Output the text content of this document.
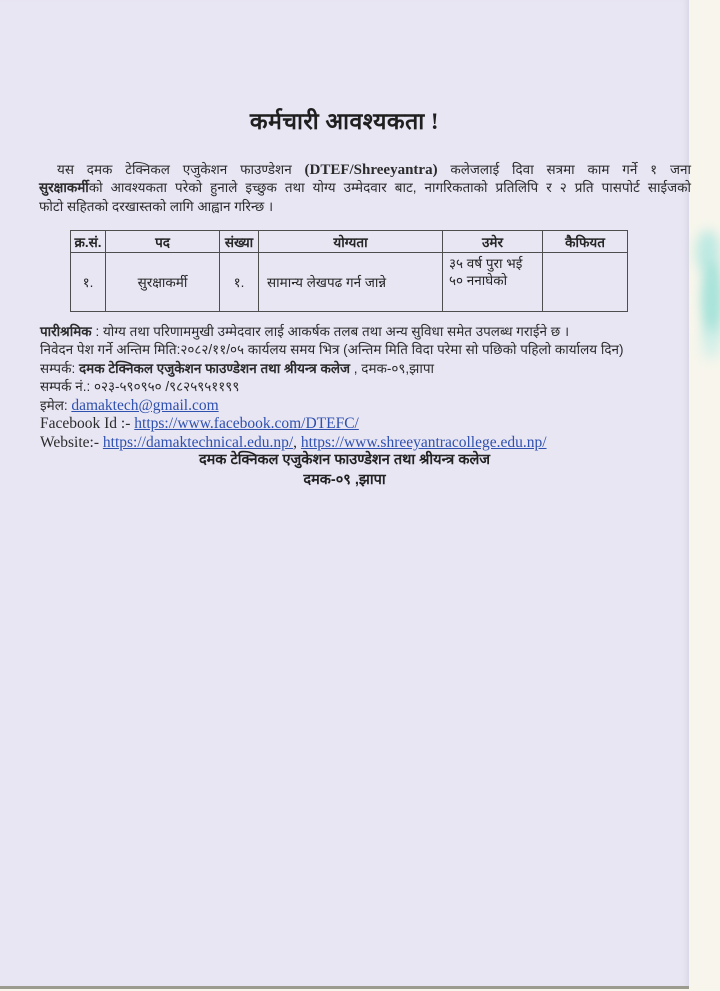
कर्मचारी आवश्यकता !
यस दमक टेक्निकल एजुकेशन फाउण्डेशन (DTEF/Shreeyantra) कलेजलाई दिवा सत्रमा काम गर्ने १ जना
सुरक्षाकर्मीको आवश्यकता परेको हुनाले इच्छुक तथा योग्य उम्मेदवार बाट, नागरिकताको प्रतिलिपि र २ प्रति पासपोर्ट साईजको
फोटो सहितको दरखास्तको लागि आह्वान गरिन्छ ।
क्र.सं.	पद	संख्या	योग्यता	उमेर	कैफियत
१.	सुरक्षाकर्मी	१.	सामान्य लेखपढ गर्न जान्ने	३५ वर्ष पुरा भई
५० ननाघेको	
पारीश्रमिक : योग्य तथा परिणाममुखी उम्मेदवार लाई आकर्षक तलब तथा अन्य सुविधा समेत उपलब्ध गराईने छ ।
निवेदन पेश गर्ने अन्तिम मिति:२०८२/११/०५ कार्यलय समय भित्र (अन्तिम मिति विदा परेमा सो पछिको पहिलो कार्यालय दिन)
सम्पर्क: दमक टेक्निकल एजुकेशन फाउण्डेशन तथा श्रीयन्त्र कलेज , दमक-०९,झापा
सम्पर्क नं.: ०२३-५९०९५० /९८२५९५११९९
इमेल: damaktech@gmail.com
Facebook Id :- https://www.facebook.com/DTEFC/
Website:- https://damaktechnical.edu.np/, https://www.shreeyantracollege.edu.np/
दमक टेक्निकल एजुकेशन फाउण्डेशन तथा श्रीयन्त्र कलेज
दमक-०९ ,झापा
